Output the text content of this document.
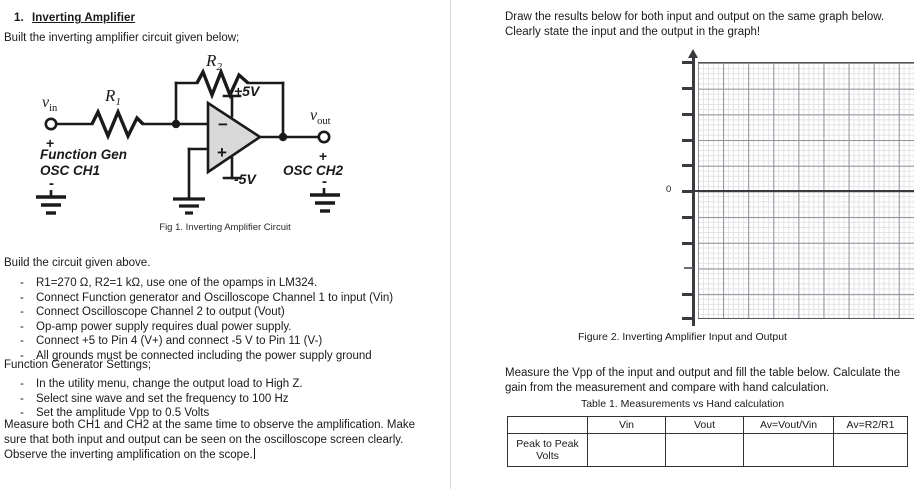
1. Inverting Amplifier
Built the inverting amplifier circuit given below;
$R_2$
$R_1$
$v_{in}$	$v_{out}$
+5V
-5V
−
+
+
-
+
-
Function Gen
OSC CH1	OSC CH2
Fig 1. Inverting Amplifier Circuit
Build the circuit given above.
- R1=270 Ω, R2=1 kΩ, use one of the opamps in LM324.
- Connect Function generator and Oscilloscope Channel 1 to input (Vin)
- Connect Oscilloscope Channel 2 to output (Vout)
- Op-amp power supply requires dual power supply.
- Connect +5 to Pin 4 (V+) and connect -5 V to Pin 11 (V-)
- All grounds must be connected including the power supply ground
Function Generator Settings;
- In the utility menu, change the output load to High Z.
- Select sine wave and set the frequency to 100 Hz
- Set the amplitude Vpp to 0.5 Volts
Measure both CH1 and CH2 at the same time to observe the amplification. Make sure that both input and output can be seen on the oscilloscope screen clearly. Observe the inverting amplification on the scope.
Draw the results below for both input and output on the same graph below. Clearly state the input and the output in the graph!
0
Figure 2. Inverting Amplifier Input and Output
Measure the Vpp of the input and output and fill the table below. Calculate the gain from the measurement and compare with hand calculation.
	Vin	Vout	Av=Vout/Vin	Av=R2/R1
Peak to Peak Volts				
Table 1. Measurements vs Hand calculation
